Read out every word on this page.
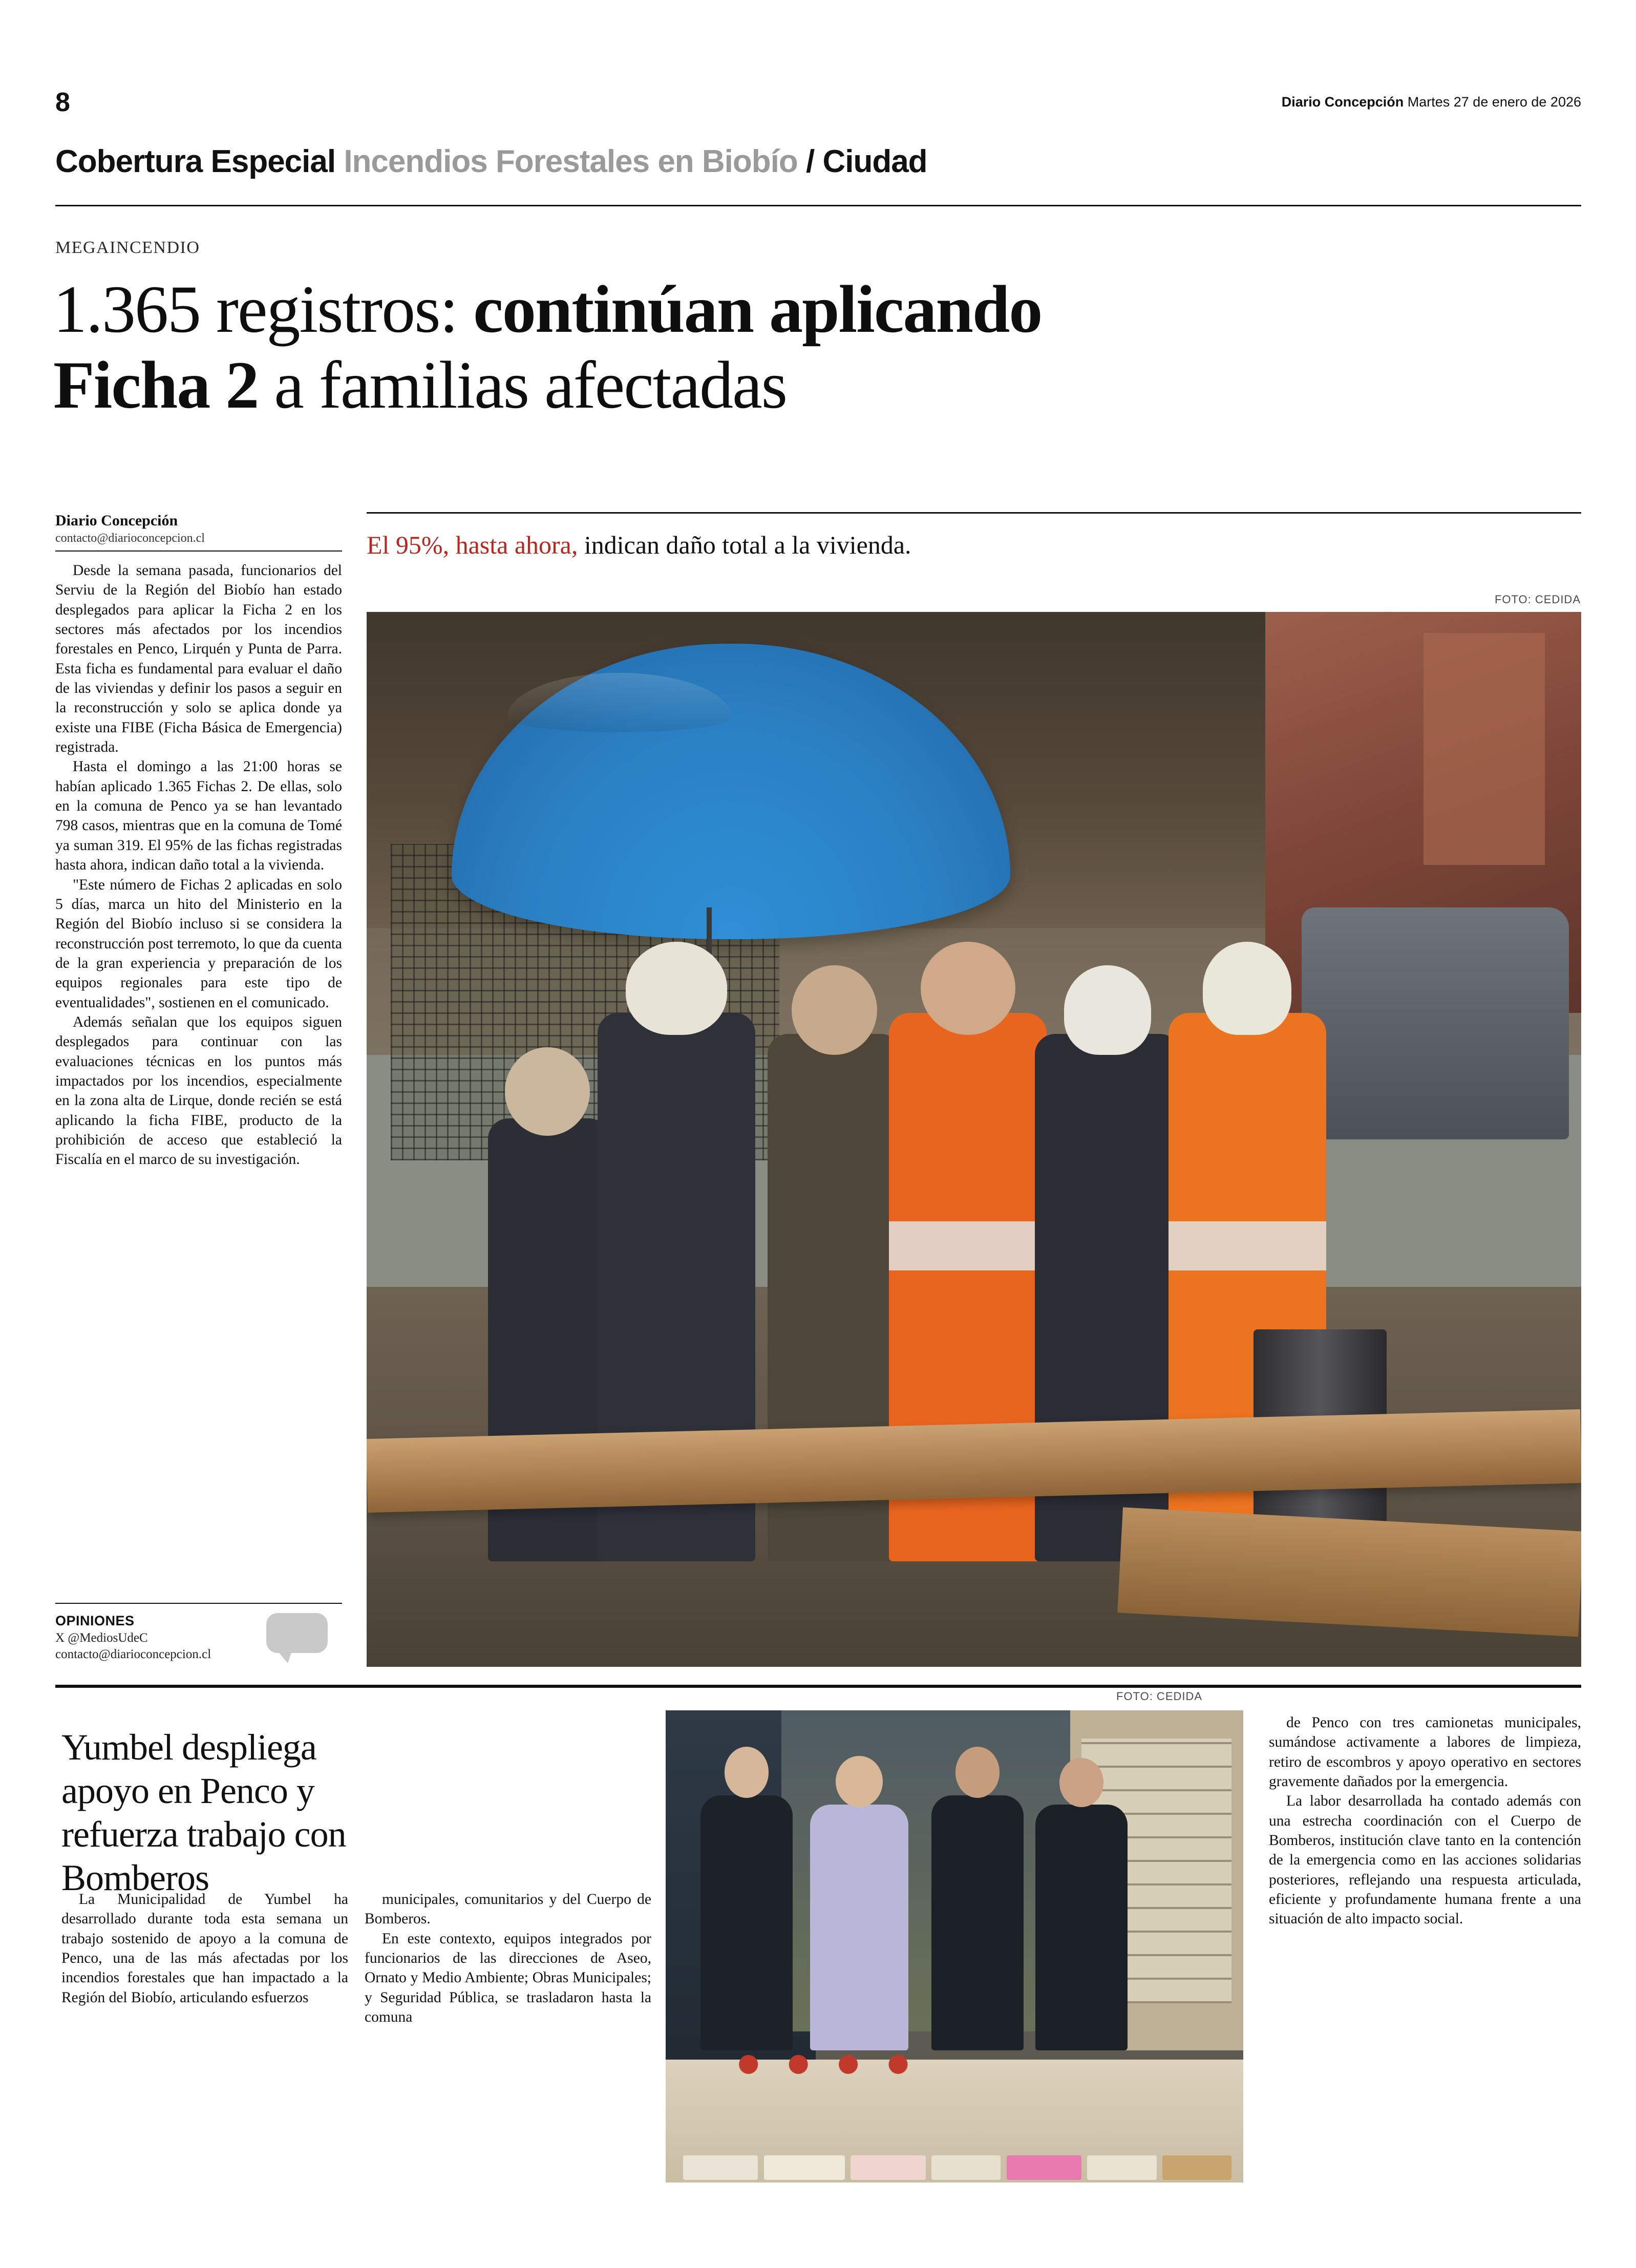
8	Diario Concepción Martes 27 de enero de 2026
Cobertura Especial Incendios Forestales en Biobío / Ciudad
MEGAINCENDIO
1.365 registros: continúan aplicando
Ficha 2 a familias afectadas
Diario Concepción
contacto@diarioconcepcion.cl

Desde la semana pasada, funcionarios del Serviu de la Región del Biobío han estado desplegados para aplicar la Ficha 2 en los sectores más afectados por los incendios forestales en Penco, Lirquén y Punta de Parra. Esta ficha es fundamental para evaluar el daño de las viviendas y definir los pasos a seguir en la reconstrucción y solo se aplica donde ya existe una FIBE (Ficha Básica de Emergencia) registrada.

Hasta el domingo a las 21:00 horas se habían aplicado 1.365 Fichas 2. De ellas, solo en la comuna de Penco ya se han levantado 798 casos, mientras que en la comuna de Tomé ya suman 319. El 95% de las fichas registradas hasta ahora, indican daño total a la vivienda.

"Este número de Fichas 2 aplicadas en solo 5 días, marca un hito del Ministerio en la Región del Biobío incluso si se considera la reconstrucción post terremoto, lo que da cuenta de la gran experiencia y preparación de los equipos regionales para este tipo de eventualidades", sostienen en el comunicado.

Además señalan que los equipos siguen desplegados para continuar con las evaluaciones técnicas en los puntos más impactados por los incendios, especialmente en la zona alta de Lirque, donde recién se está aplicando la ficha FIBE, producto de la prohibición de acceso que estableció la Fiscalía en el marco de su investigación.

OPINIONES
X @MediosUdeC
contacto@diarioconcepcion.cl
El 95%, hasta ahora, indican daño total a la vivienda.
FOTO: CEDIDA
Yumbel despliega apoyo en Penco y refuerza trabajo con Bomberos

La Municipalidad de Yumbel ha desarrollado durante toda esta semana un trabajo sostenido de apoyo a la comuna de Penco, una de las más afectadas por los incendios forestales que han impactado a la Región del Biobío, articulando esfuerzos

municipales, comunitarios y del Cuerpo de Bomberos.

En este contexto, equipos integrados por funcionarios de las direcciones de Aseo, Ornato y Medio Ambiente; Obras Municipales; y Seguridad Pública, se trasladaron hasta la comuna

de Penco con tres camionetas municipales, sumándose activamente a labores de limpieza, retiro de escombros y apoyo operativo en sectores gravemente dañados por la emergencia.

La labor desarrollada ha contado además con una estrecha coordinación con el Cuerpo de Bomberos, institución clave tanto en la contención de la emergencia como en las acciones solidarias posteriores, reflejando una respuesta articulada, eficiente y profundamente humana frente a una situación de alto impacto social.

FOTO: CEDIDA
